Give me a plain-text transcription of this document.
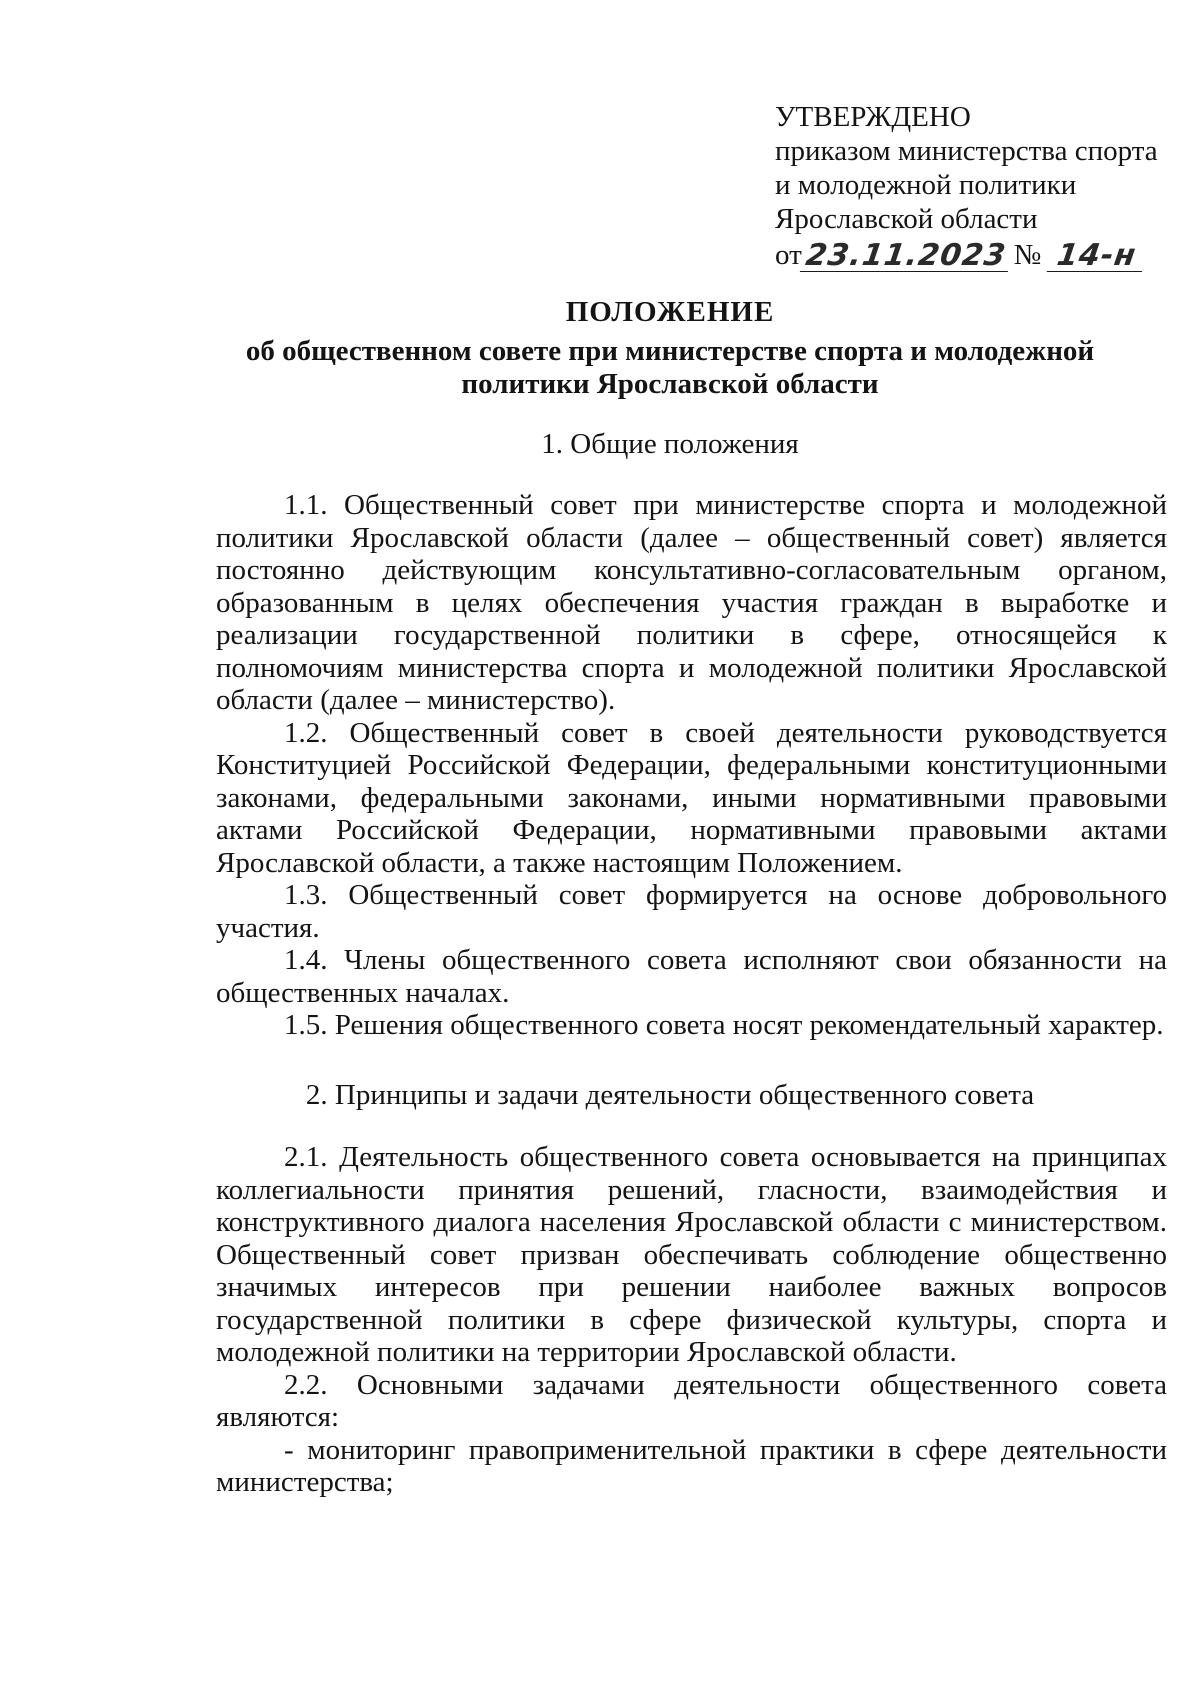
УТВЕРЖДЕНО
приказом министерства спорта
и молодежной политики
Ярославской области
от 23.11.2023 № 14-н
ПОЛОЖЕНИЕ
об общественном совете при министерстве спорта и молодежной политики Ярославской области
1. Общие положения

1.1. Общественный совет при министерстве спорта и молодежной политики Ярославской области (далее – общественный совет) является постоянно действующим консультативно-согласовательным органом, образованным в целях обеспечения участия граждан в выработке и реализации государственной политики в сфере, относящейся к полномочиям министерства спорта и молодежной политики Ярославской области (далее – министерство).

1.2. Общественный совет в своей деятельности руководствуется Конституцией Российской Федерации, федеральными конституционными законами, федеральными законами, иными нормативными правовыми актами Российской Федерации, нормативными правовыми актами Ярославской области, а также настоящим Положением.

1.3. Общественный совет формируется на основе добровольного участия.

1.4. Члены общественного совета исполняют свои обязанности на общественных началах.

1.5. Решения общественного совета носят рекомендательный характер.

2. Принципы и задачи деятельности общественного совета

2.1. Деятельность общественного совета основывается на принципах коллегиальности принятия решений, гласности, взаимодействия и конструктивного диалога населения Ярославской области с министерством. Общественный совет призван обеспечивать соблюдение общественно значимых интересов при решении наиболее важных вопросов государственной политики в сфере физической культуры, спорта и молодежной политики на территории Ярославской области.

2.2. Основными задачами деятельности общественного совета являются:

- мониторинг правоприменительной практики в сфере деятельности министерства;
